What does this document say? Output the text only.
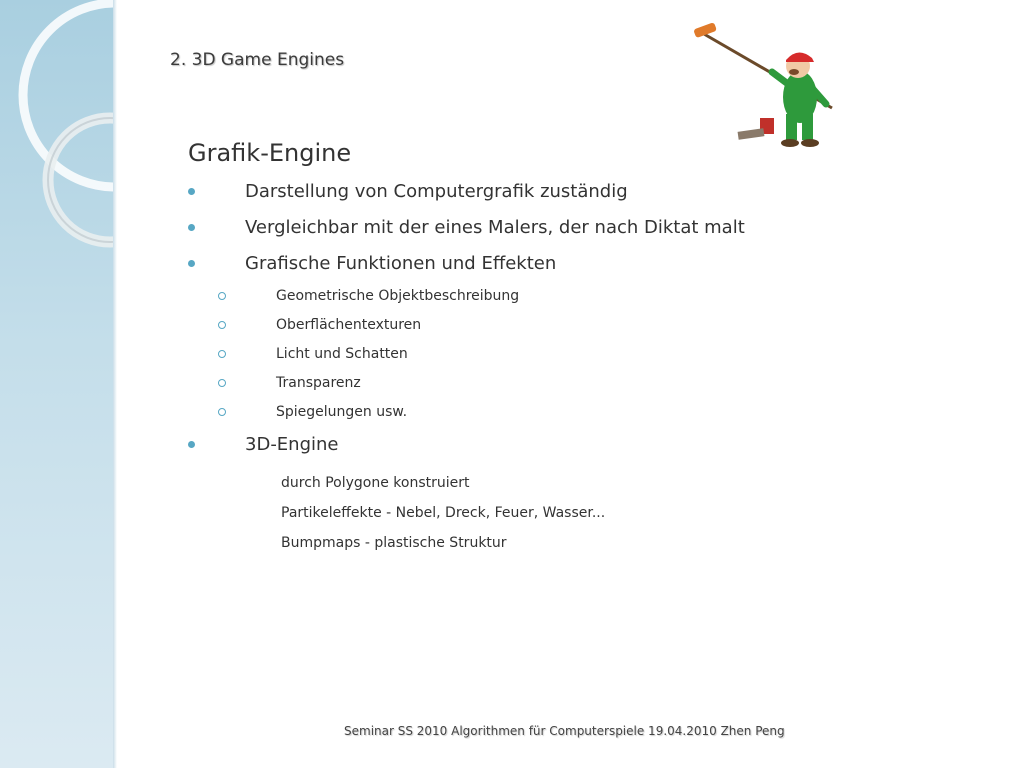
2. 3D Game Engines
Grafik-Engine
Darstellung von Computergrafik zuständig
Vergleichbar mit der eines Malers, der nach Diktat malt
Grafische Funktionen und Effekten
Geometrische Objektbeschreibung
Oberflächentexturen
Licht und Schatten
Transparenz
Spiegelungen usw.
3D-Engine
durch Polygone konstruiert
Partikeleffekte - Nebel, Dreck, Feuer, Wasser...
Bumpmaps - plastische Struktur
Seminar SS 2010 Algorithmen für Computerspiele 19.04.2010 Zhen Peng
